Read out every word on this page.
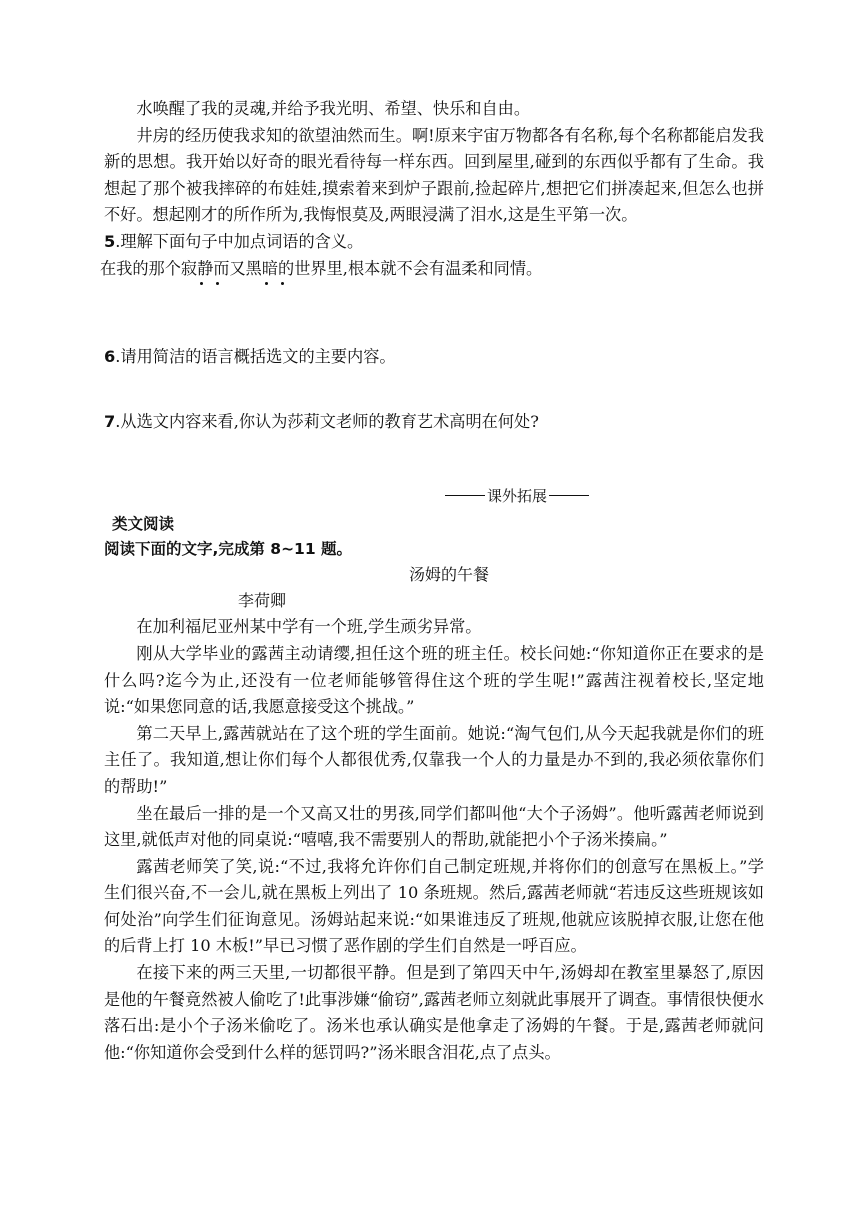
水唤醒了我的灵魂,并给予我光明、希望、快乐和自由。

井房的经历使我求知的欲望油然而生。啊!原来宇宙万物都各有名称,每个名称都能启发我新的思想。我开始以好奇的眼光看待每一样东西。回到屋里,碰到的东西似乎都有了生命。我想起了那个被我摔碎的布娃娃,摸索着来到炉子跟前,捡起碎片,想把它们拼凑起来,但怎么也拼不好。想起刚才的所作所为,我悔恨莫及,两眼浸满了泪水,这是生平第一次。

5.理解下面句子中加点词语的含义。

在我的那个寂静而又黑暗的世界里,根本就不会有温柔和同情。

6.请用简洁的语言概括选文的主要内容。

7.从选文内容来看,你认为莎莉文老师的教育艺术高明在何处?

课外拓展

类文阅读

阅读下面的文字,完成第 8~11 题。

汤姆的午餐

李荷卿

在加利福尼亚州某中学有一个班,学生顽劣异常。

刚从大学毕业的露茜主动请缨,担任这个班的班主任。校长问她:“你知道你正在要求的是什么吗?迄今为止,还没有一位老师能够管得住这个班的学生呢!”露茜注视着校长,坚定地说:“如果您同意的话,我愿意接受这个挑战。”

第二天早上,露茜就站在了这个班的学生面前。她说:“淘气包们,从今天起我就是你们的班主任了。我知道,想让你们每个人都很优秀,仅靠我一个人的力量是办不到的,我必须依靠你们的帮助!”

坐在最后一排的是一个又高又壮的男孩,同学们都叫他“大个子汤姆”。他听露茜老师说到这里,就低声对他的同桌说:“嘻嘻,我不需要别人的帮助,就能把小个子汤米揍扁。”

露茜老师笑了笑,说:“不过,我将允许你们自己制定班规,并将你们的创意写在黑板上。”学生们很兴奋,不一会儿,就在黑板上列出了 10 条班规。然后,露茜老师就“若违反这些班规该如何处治”向学生们征询意见。汤姆站起来说:“如果谁违反了班规,他就应该脱掉衣服,让您在他的后背上打 10 木板!”早已习惯了恶作剧的学生们自然是一呼百应。

在接下来的两三天里,一切都很平静。但是到了第四天中午,汤姆却在教室里暴怒了,原因是他的午餐竟然被人偷吃了!此事涉嫌“偷窃”,露茜老师立刻就此事展开了调查。事情很快便水落石出:是小个子汤米偷吃了。汤米也承认确实是他拿走了汤姆的午餐。于是,露茜老师就问他:“你知道你会受到什么样的惩罚吗?”汤米眼含泪花,点了点头。
